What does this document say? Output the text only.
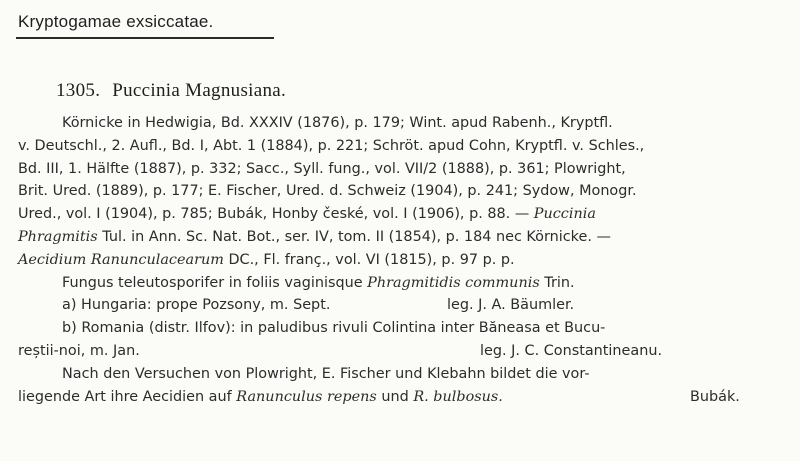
Kryptogamae exsiccatae.
1305. Puccinia Magnusiana.
Körnicke in Hedwigia, Bd. XXXIV (1876), p. 179; Wint. apud Rabenh., Kryptfl.
v. Deutschl., 2. Aufl., Bd. I, Abt. 1 (1884), p. 221; Schröt. apud Cohn, Kryptfl. v. Schles.,
Bd. III, 1. Hälfte (1887), p. 332; Sacc., Syll. fung., vol. VII/2 (1888), p. 361; Plowright,
Brit. Ured. (1889), p. 177; E. Fischer, Ured. d. Schweiz (1904), p. 241; Sydow, Monogr.
Ured., vol. I (1904), p. 785; Bubák, Honby české, vol. I (1906), p. 88. — Puccinia
Phragmitis Tul. in Ann. Sc. Nat. Bot., ser. IV, tom. II (1854), p. 184 nec Körnicke. —
Aecidium Ranunculacearum DC., Fl. franç., vol. VI (1815), p. 97 p. p.
Fungus teleutosporifer in foliis vaginisque Phragmitidis communis Trin.
a) Hungaria: prope Pozsony, m. Sept.	leg. J. A. Bäumler.
b) Romania (distr. Ilfov): in paludibus rivuli Colintina inter Băneasa et Bucu-
reștii-noi, m. Jan.	leg. J. C. Constantineanu.
Nach den Versuchen von Plowright, E. Fischer und Klebahn bildet die vor-
liegende Art ihre Aecidien auf Ranunculus repens und R. bulbosus.	Bubák.
